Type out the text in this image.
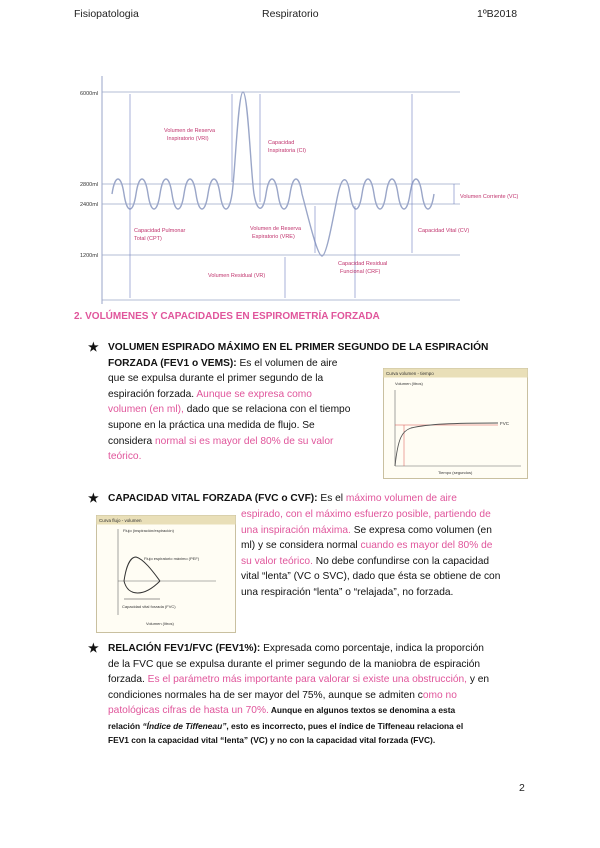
Fisiopatologia	Respiratorio	1ºB2018
6000ml
2800ml
2400ml
1200ml
Volumen de Reserva
Inspiratorio (VRI)
Capacidad
Inspiratoria (CI)
Volumen Corriente (VC)
Capacidad Pulmonar
Total (CPT)
Volumen de Reserva
Espiratorio (VRE)
Capacidad Vital (CV)
Volumen Residual (VR)
Capacidad Residual
Funcional (CRF)
2. VOLÚMENES Y CAPACIDADES EN ESPIROMETRÍA FORZADA
★ VOLUMEN ESPIRADO MÁXIMO EN EL PRIMER SEGUNDO DE LA ESPIRACIÓN
FORZADA (FEV1 o VEMS): Es el volumen de aire
que se expulsa durante el primer segundo de la
espiración forzada. Aunque se expresa como
volumen (en ml), dado que se relaciona con el tiempo
supone en la práctica una medida de flujo. Se
considera normal si es mayor del 80% de su valor
teórico.
Curva volumen - tiempo
Volumen (litros)
FVC
Tiempo (segundos)
★ CAPACIDAD VITAL FORZADA (FVC o CVF): Es el máximo volumen de aire
espirado, con el máximo esfuerzo posible, partiendo de
una inspiración máxima. Se expresa como volumen (en
ml) y se considera normal cuando es mayor del 80% de
su valor teórico. No debe confundirse con la capacidad
vital “lenta” (VC o SVC), dado que ésta se obtiene de con
una respiración “lenta” o “relajada”, no forzada.
Curva flujo - volumen
Flujo (inspiración/espiración)
Flujo espiratorio máximo (PEF)
Capacidad vital forzada (FVC)
Volumen (litros)
★ RELACIÓN FEV1/FVC (FEV1%): Expresada como porcentaje, indica la proporción
de la FVC que se expulsa durante el primer segundo de la maniobra de espiración
forzada. Es el parámetro más importante para valorar si existe una obstrucción, y en
condiciones normales ha de ser mayor del 75%, aunque se admiten como no
patológicas cifras de hasta un 70%. Aunque en algunos textos se denomina a esta
relación “Índice de Tiffeneau”, esto es incorrecto, pues el índice de Tiffeneau relaciona el
FEV1 con la capacidad vital “lenta” (VC) y no con la capacidad vital forzada (FVC).
2
